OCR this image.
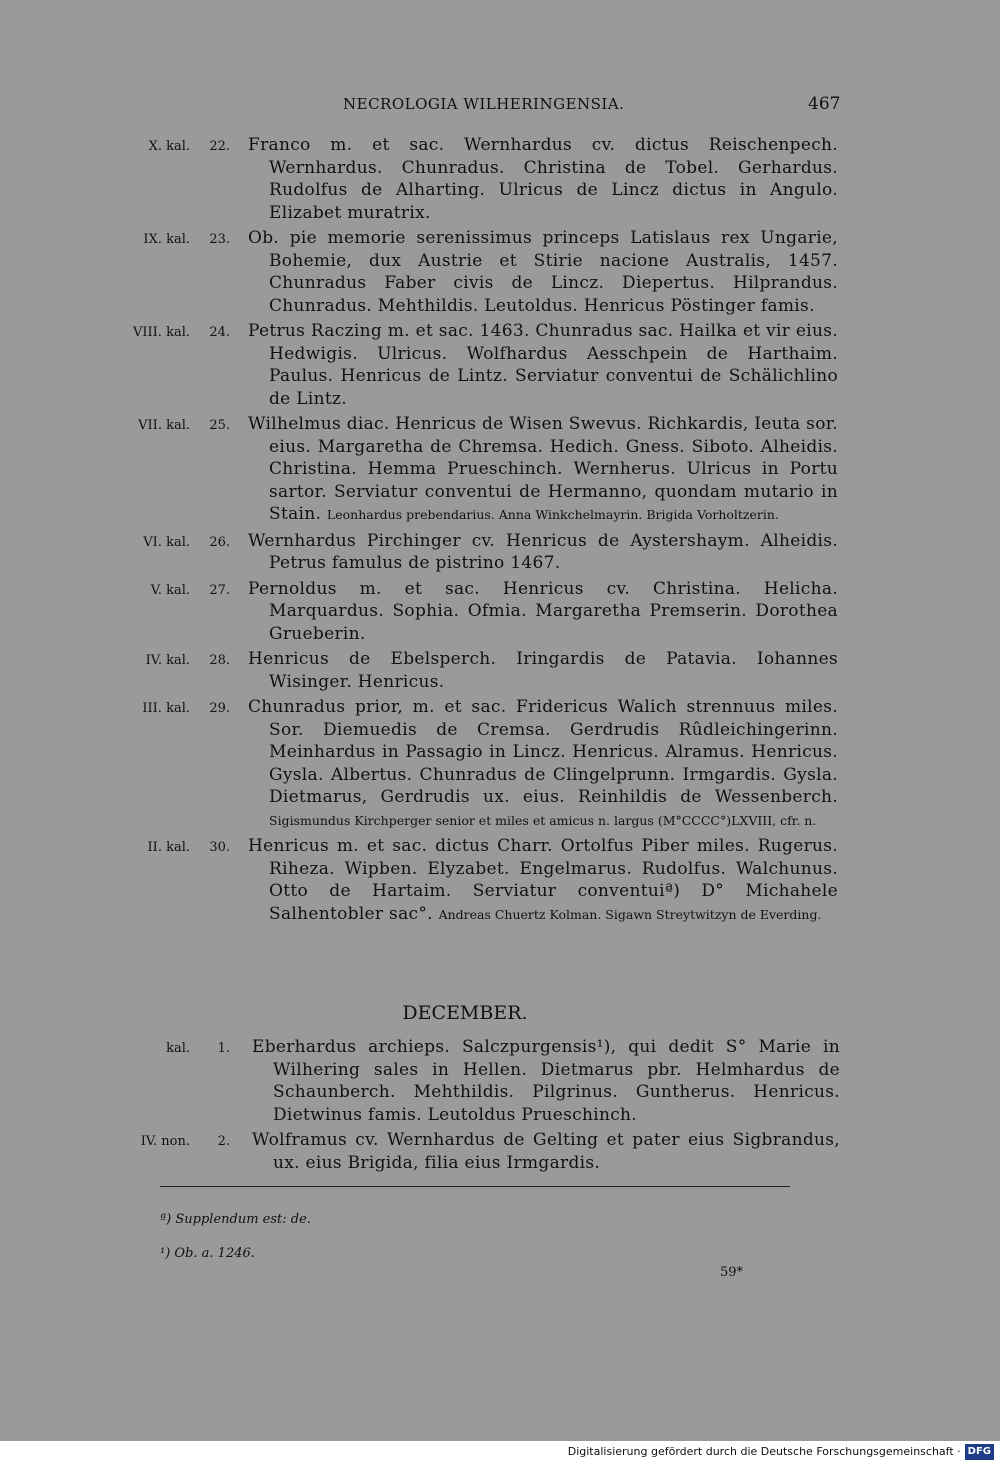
NECROLOGIA WILHERINGENSIA.	467
X. kal.	22. Franco m. et sac. Wernhardus cv. dictus Reischenpech. Wernhardus. Chunradus. Christina de Tobel. Gerhardus. Rudolfus de Alharting. Ulricus de Lincz dictus in Angulo. Elizabet muratrix.
IX. kal.	23. Ob. pie memorie serenissimus princeps Latislaus rex Ungarie, Bohemie, dux Austrie et Stirie nacione Australis, 1457. Chunradus Faber civis de Lincz. Diepertus. Hilprandus. Chunradus. Mehthildis. Leutoldus. Henricus Pöstinger famis.
VIII. kal.	24. Petrus Raczing m. et sac. 1463. Chunradus sac. Hailka et vir eius. Hedwigis. Ulricus. Wolfhardus Aesschpein de Harthaim. Paulus. Henricus de Lintz. Serviatur conventui de Schälichlino de Lintz.
VII. kal.	25. Wilhelmus diac. Henricus de Wisen Swevus. Richkardis, Ieuta sor. eius. Margaretha de Chremsa. Hedich. Gness. Siboto. Alheidis. Christina. Hemma Prueschinch. Wernherus. Ulricus in Portu sartor. Serviatur conventui de Hermanno, quondam mutario in Stain. Leonhardus prebendarius. Anna Winkchelmayrin. Brigida Vorholtzerin.
VI. kal.	26. Wernhardus Pirchinger cv. Henricus de Aystershaym. Alheidis. Petrus famulus de pistrino 1467.
V. kal.	27. Pernoldus m. et sac. Henricus cv. Christina. Helicha. Marquardus. Sophia. Ofmia. Margaretha Premserin. Dorothea Grueberin.
IV. kal.	28. Henricus de Ebelsperch. Iringardis de Patavia. Iohannes Wisinger. Henricus.
III. kal.	29. Chunradus prior, m. et sac. Fridericus Walich strennuus miles. Sor. Diemuedis de Cremsa. Gerdrudis Rûdleichingerinn. Meinhardus in Passagio in Lincz. Henricus. Alramus. Henricus. Gysla. Albertus. Chunradus de Clingelprunn. Irmgardis. Gysla. Dietmarus, Gerdrudis ux. eius. Reinhildis de Wessenberch. Sigismundus Kirchperger senior et miles et amicus n. largus (M°CCCC°)LXVIII, cfr. n.
II. kal.	30. Henricus m. et sac. dictus Charr. Ortolfus Piber miles. Rugerus. Riheza. Wipben. Elyzabet. Engelmarus. Rudolfus. Walchunus. Otto de Hartaim. Serviatur conventuiª) D° Michahele Salhentobler sac°. Andreas Chuertz Kolman. Sigawn Streytwitzyn de Everding.
DECEMBER.
kal.	1. Eberhardus archieps. Salczpurgensis¹), qui dedit S° Marie in Wilhering sales in Hellen. Dietmarus pbr. Helmhardus de Schaunberch. Mehthildis. Pilgrinus. Guntherus. Henricus. Dietwinus famis. Leutoldus Prueschinch.
IV. non.	2. Wolframus cv. Wernhardus de Gelting et pater eius Sigbrandus, ux. eius Brigida, filia eius Irmgardis.
ª) Supplendum est: de.
¹) Ob. a. 1246.
59*
Digitalisierung gefördert durch die Deutsche Forschungsgemeinschaft · DFG
